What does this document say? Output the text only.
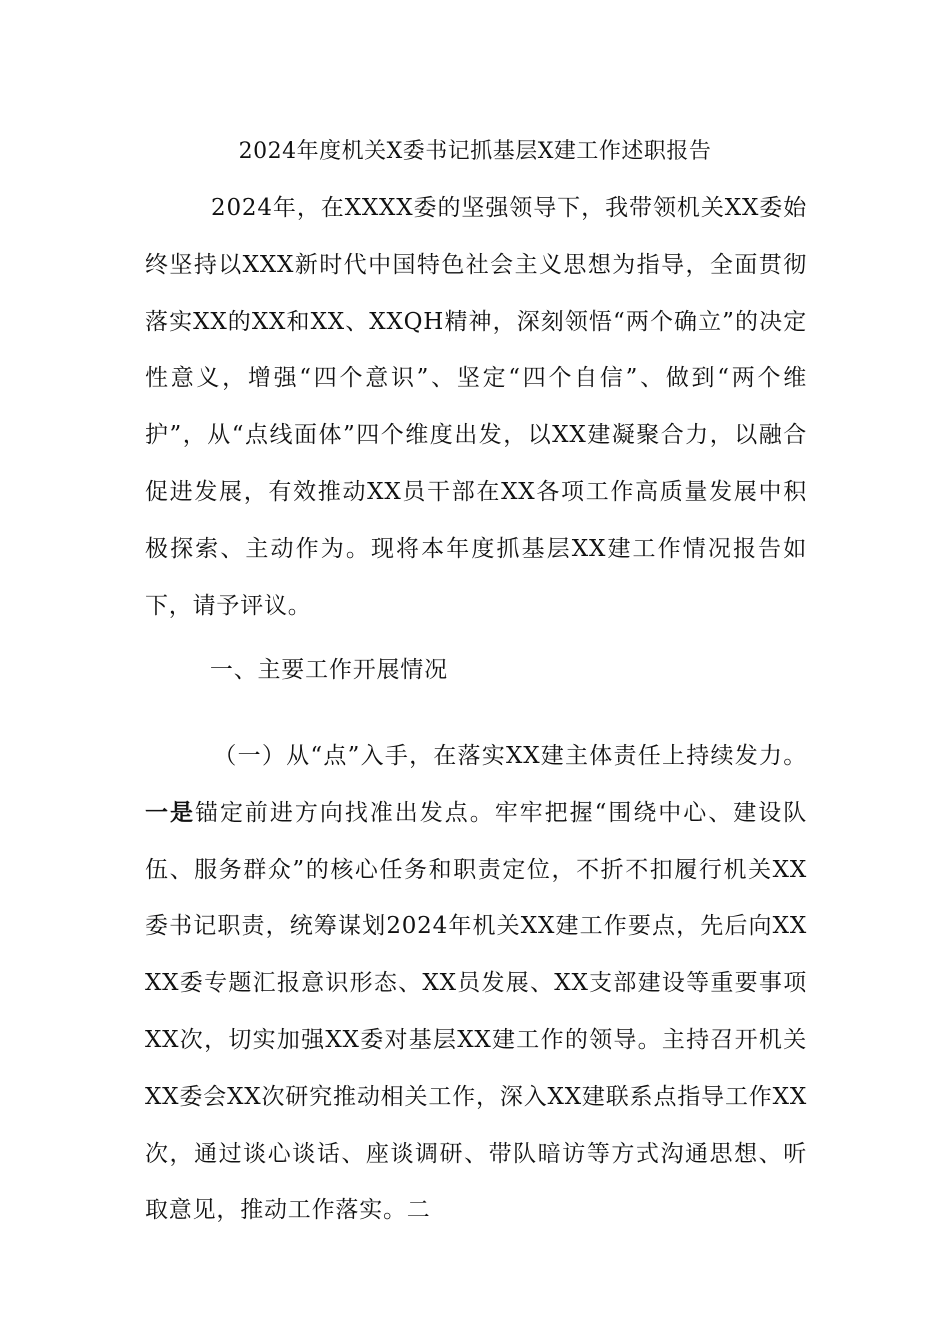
2024年度机关X委书记抓基层X建工作述职报告
2024年，在XXXX委的坚强领导下，我带领机关XX委始终坚持以XXX新时代中国特色社会主义思想为指导，全面贯彻落实XX的XX和XX、XXQH精神，深刻领悟“两个确立”的决定性意义，增强“四个意识”、坚定“四个自信”、做到“两个维护”，从“点线面体”四个维度出发，以XX建凝聚合力，以融合促进发展，有效推动XX员干部在XX各项工作高质量发展中积极探索、主动作为。现将本年度抓基层XX建工作情况报告如下，请予评议。
一、主要工作开展情况
（一）从“点”入手，在落实XX建主体责任上持续发力。一是锚定前进方向找准出发点。牢牢把握“围绕中心、建设队伍、服务群众”的核心任务和职责定位，不折不扣履行机关XX委书记职责，统筹谋划2024年机关XX建工作要点，先后向XXXX委专题汇报意识形态、XX员发展、XX支部建设等重要事项XX次，切实加强XX委对基层XX建工作的领导。主持召开机关XX委会XX次研究推动相关工作，深入XX建联系点指导工作XX次，通过谈心谈话、座谈调研、带队暗访等方式沟通思想、听取意见，推动工作落实。二
